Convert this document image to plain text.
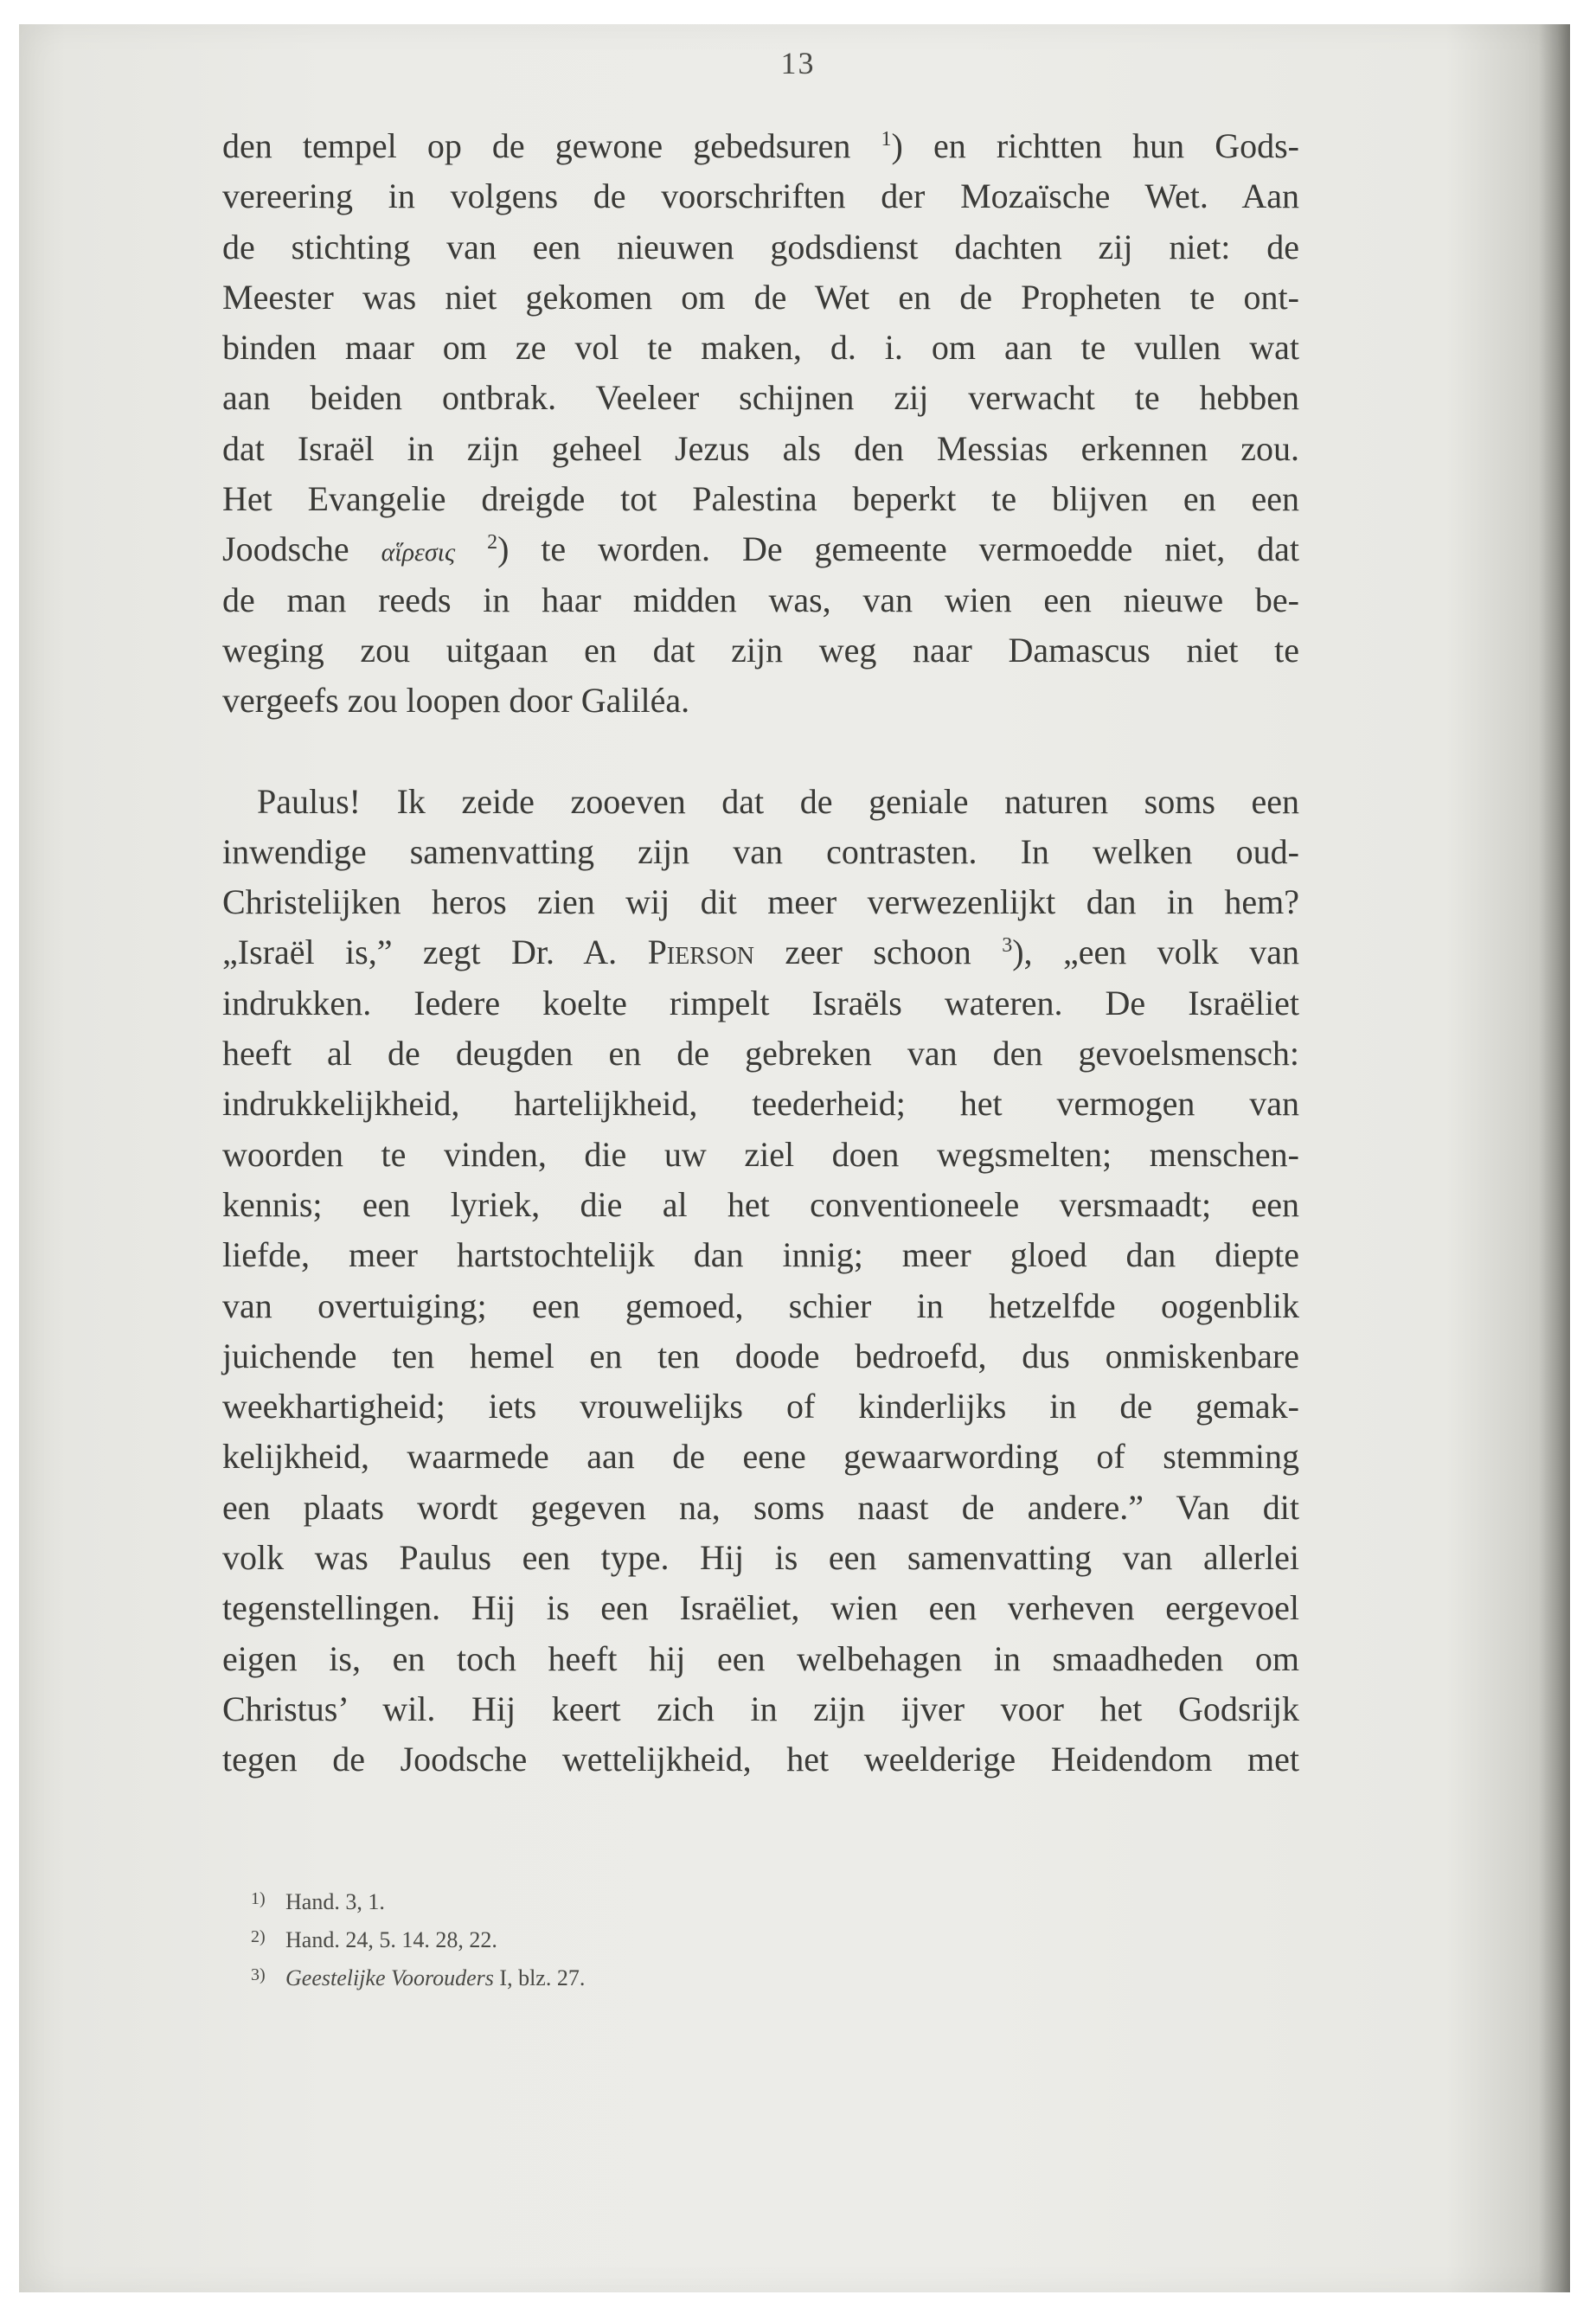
13
den tempel op de gewone gebedsuren $^1$) en richtten hun Gods-
vereering in volgens de voorschriften der Mozaïsche Wet. Aan
de stichting van een nieuwen godsdienst dachten zij niet: de
Meester was niet gekomen om de Wet en de Propheten te ont-
binden maar om ze vol te maken, d. i. om aan te vullen wat
aan beiden ontbrak. Veeleer schijnen zij verwacht te hebben
dat Israël in zijn geheel Jezus als den Messias erkennen zou.
Het Evangelie dreigde tot Palestina beperkt te blijven en een
Joodsche αἵρεσις $^2$) te worden. De gemeente vermoedde niet, dat
de man reeds in haar midden was, van wien een nieuwe be-
weging zou uitgaan en dat zijn weg naar Damascus niet te
vergeefs zou loopen door Galiléa.
Paulus! Ik zeide zooeven dat de geniale naturen soms een
inwendige samenvatting zijn van contrasten. In welken oud-
Christelijken heros zien wij dit meer verwezenlijkt dan in hem?
„Israël is,” zegt Dr. A. Pierson zeer schoon $^3$), „een volk van
indrukken. Iedere koelte rimpelt Israëls wateren. De Israëliet
heeft al de deugden en de gebreken van den gevoelsmensch:
indrukkelijkheid, hartelijkheid, teederheid; het vermogen van
woorden te vinden, die uw ziel doen wegsmelten; menschen-
kennis; een lyriek, die al het conventioneele versmaadt; een
liefde, meer hartstochtelijk dan innig; meer gloed dan diepte
van overtuiging; een gemoed, schier in hetzelfde oogenblik
juichende ten hemel en ten doode bedroefd, dus onmiskenbare
weekhartigheid; iets vrouwelijks of kinderlijks in de gemak-
kelijkheid, waarmede aan de eene gewaarwording of stemming
een plaats wordt gegeven na, soms naast de andere.” Van dit
volk was Paulus een type. Hij is een samenvatting van allerlei
tegenstellingen. Hij is een Israëliet, wien een verheven eergevoel
eigen is, en toch heeft hij een welbehagen in smaadheden om
Christus’ wil. Hij keert zich in zijn ijver voor het Godsrijk
tegen de Joodsche wettelijkheid, het weelderige Heidendom met
1) Hand. 3, 1.
2) Hand. 24, 5. 14. 28, 22.
3) Geestelijke Voorouders I, blz. 27.
